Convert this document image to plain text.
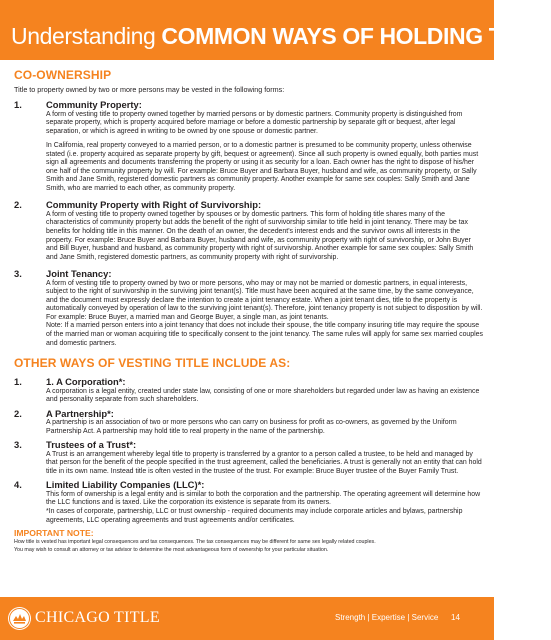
Understanding COMMON WAYS OF HOLDING TITLE
CO-OWNERSHIP
Title to property owned by two or more persons may be vested in the following forms:
1.	Community Property:

A form of vesting title to property owned together by married persons or by domestic partners. Community property is distinguished from separate property, which is property acquired before marriage or before a domestic partnership by separate gift or bequest, after legal separation, or which is agreed in writing to be owned by one spouse or domestic partner.

In California, real property conveyed to a married person, or to a domestic partner is presumed to be community property, unless otherwise stated (i.e. property acquired as separate property by gift, bequest or agreement). Since all such property is owned equally, both parties must sign all agreements and documents transferring the property or using it as security for a loan. Each owner has the right to dispose of his/her one half of the community property by will. For example: Bruce Buyer and Barbara Buyer, husband and wife, as community property, or Sally Smith and Jane Smith, registered domestic partners as community property. Another example for same sex couples: Sally Smith and Jane Smith, who are married to each other, as community property.

2.	Community Property with Right of Survivorship:

A form of vesting title to property owned together by spouses or by domestic partners. This form of holding title shares many of the characteristics of community property but adds the benefit of the right of survivorship similar to title held in joint tenancy. There may be tax benefits for holding title in this manner. On the death of an owner, the decedent's interest ends and the survivor owns all interests in the property. For example: Bruce Buyer and Barbara Buyer, husband and wife, as community property with right of survivorship, or John Buyer and Bill Buyer, husband and husband, as community property with right of survivorship. Another example for same sex couples: Sally Smith and Jane Smith, registered domestic partners, as community property with right of survivorship.

3.	Joint Tenancy:

A form of vesting title to property owned by two or more persons, who may or may not be married or domestic partners, in equal interests, subject to the right of survivorship in the surviving joint tenant(s). Title must have been acquired at the same time, by the same conveyance, and the document must expressly declare the intention to create a joint tenancy estate. When a joint tenant dies, title to the property is automatically conveyed by operation of law to the surviving joint tenant(s). Therefore, joint tenancy property is not subject to disposition by will. For example: Bruce Buyer, a married man and George Buyer, a single man, as joint tenants.
Note: If a married person enters into a joint tenancy that does not include their spouse, the title company insuring title may require the spouse of the married man or woman acquiring title to specifically consent to the joint tenancy. The same rules will apply for same sex married couples and domestic partners.

OTHER WAYS OF VESTING TITLE INCLUDE AS:
1.	1. A Corporation*:

A corporation is a legal entity, created under state law, consisting of one or more shareholders but regarded under law as having an existence and personality separate from such shareholders.

2.	A Partnership*:

A partnership is an association of two or more persons who can carry on business for profit as co-owners, as governed by the Uniform Partnership Act. A partnership may hold title to real property in the name of the partnership.

3.	Trustees of a Trust*:

A Trust is an arrangement whereby legal title to property is transferred by a grantor to a person called a trustee, to be held and managed by that person for the benefit of the people specified in the trust agreement, called the beneficiaries. A trust is generally not an entity that can hold title in its own name. Instead title is often vested in the trustee of the trust. For example: Bruce Buyer trustee of the Buyer Family Trust.

4.	Limited Liability Companies (LLC)*:

This form of ownership is a legal entity and is similar to both the corporation and the partnership. The operating agreement will determine how the LLC functions and is taxed. Like the corporation its existence is separate from its owners.
*In cases of corporate, partnership, LLC or trust ownership - required documents may include corporate articles and bylaws, partnership agreements, LLC operating agreements and trust agreements and/or certificates.

IMPORTANT NOTE:
How title is vested has important legal consequences and tax consequences. The tax consequences may be different for same sex legally related couples.
You may wish to consult an attorney or tax advisor to determine the most advantageous form of ownership for your particular situation.
CHICAGO TITLE	Strength | Expertise | Service 14
